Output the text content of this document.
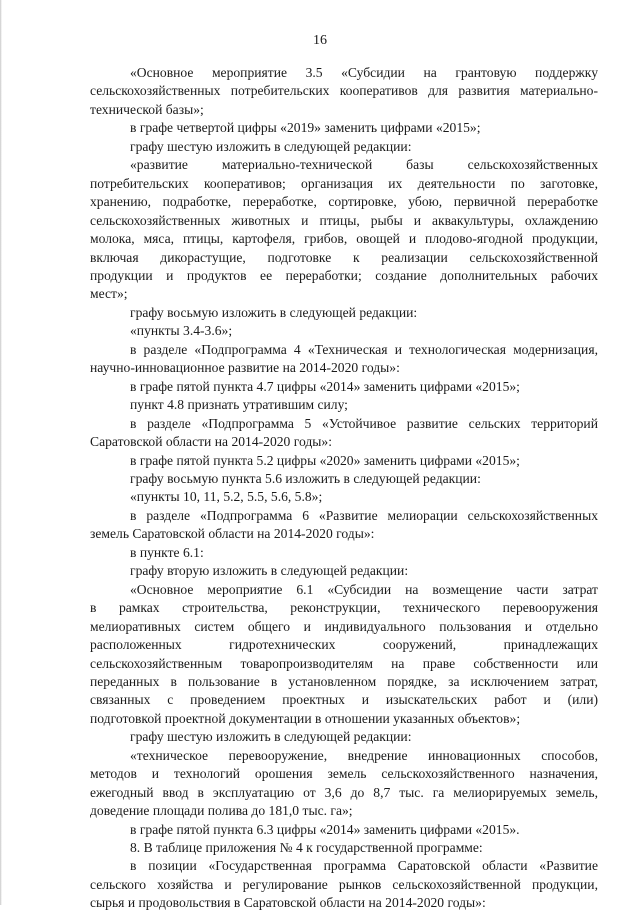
16
«Основное мероприятие 3.5 «Субсидии на грантовую поддержку
сельскохозяйственных потребительских кооперативов для развития материально-
технической базы»;
в графе четвертой цифры «2019» заменить цифрами «2015»;
графу шестую изложить в следующей редакции:
«развитие материально-технической базы сельскохозяйственных
потребительских кооперативов; организация их деятельности по заготовке,
хранению, подработке, переработке, сортировке, убою, первичной переработке
сельскохозяйственных животных и птицы, рыбы и аквакультуры, охлаждению
молока, мяса, птицы, картофеля, грибов, овощей и плодово-ягодной продукции,
включая дикорастущие, подготовке к реализации сельскохозяйственной
продукции и продуктов ее переработки; создание дополнительных рабочих
мест»;
графу восьмую изложить в следующей редакции:
«пункты 3.4-3.6»;
в разделе «Подпрограмма 4 «Техническая и технологическая модернизация,
научно-инновационное развитие на 2014-2020 годы»:
в графе пятой пункта 4.7 цифры «2014» заменить цифрами «2015»;
пункт 4.8 признать утратившим силу;
в разделе «Подпрограмма 5 «Устойчивое развитие сельских территорий
Саратовской области на 2014-2020 годы»:
в графе пятой пункта 5.2 цифры «2020» заменить цифрами «2015»;
графу восьмую пункта 5.6 изложить в следующей редакции:
«пункты 10, 11, 5.2, 5.5, 5.6, 5.8»;
в разделе «Подпрограмма 6 «Развитие мелиорации сельскохозяйственных
земель Саратовской области на 2014-2020 годы»:
в пункте 6.1:
графу вторую изложить в следующей редакции:
«Основное мероприятие 6.1 «Субсидии на возмещение части затрат
в рамках строительства, реконструкции, технического перевооружения
мелиоративных систем общего и индивидуального пользования и отдельно
расположенных гидротехнических сооружений, принадлежащих
сельскохозяйственным товаропроизводителям на праве собственности или
переданных в пользование в установленном порядке, за исключением затрат,
связанных с проведением проектных и изыскательских работ и (или)
подготовкой проектной документации в отношении указанных объектов»;
графу шестую изложить в следующей редакции:
«техническое перевооружение, внедрение инновационных способов,
методов и технологий орошения земель сельскохозяйственного назначения,
ежегодный ввод в эксплуатацию от 3,6 до 8,7 тыс. га мелиорируемых земель,
доведение площади полива до 181,0 тыс. га»;
в графе пятой пункта 6.3 цифры «2014» заменить цифрами «2015».
8. В таблице приложения № 4 к государственной программе:
в позиции «Государственная программа Саратовской области «Развитие
сельского хозяйства и регулирование рынков сельскохозяйственной продукции,
сырья и продовольствия в Саратовской области на 2014-2020 годы»:
